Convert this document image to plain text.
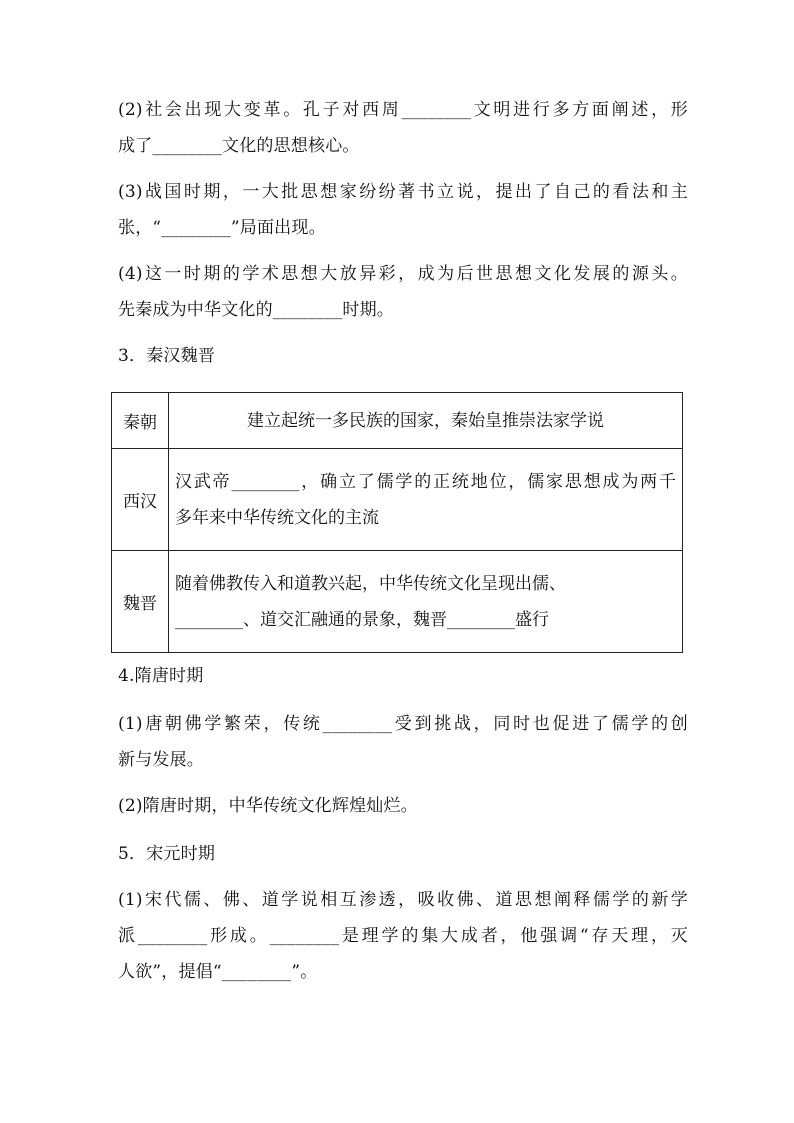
(2)社会出现大变革。孔子对西周________文明进行多方面阐述，形
成了________文化的思想核心。
(3)战国时期，一大批思想家纷纷著书立说，提出了自己的看法和主
张，“________”局面出现。
(4)这一时期的学术思想大放异彩，成为后世思想文化发展的源头。
先秦成为中华文化的________时期。
3．秦汉魏晋
秦朝	建立起统一多民族的国家，秦始皇推崇法家学说

西汉	汉武帝________，确立了儒学的正统地位，儒家思想成为两千
多年来中华传统文化的主流

魏晋	随着佛教传入和道教兴起，中华传统文化呈现出儒、
________、道交汇融通的景象，魏晋________盛行
4.隋唐时期
(1)唐朝佛学繁荣，传统________受到挑战，同时也促进了儒学的创
新与发展。
(2)隋唐时期，中华传统文化辉煌灿烂。
5．宋元时期
(1)宋代儒、佛、道学说相互渗透，吸收佛、道思想阐释儒学的新学
派________形成。________是理学的集大成者，他强调“存天理，灭
人欲”，提倡“________”。
